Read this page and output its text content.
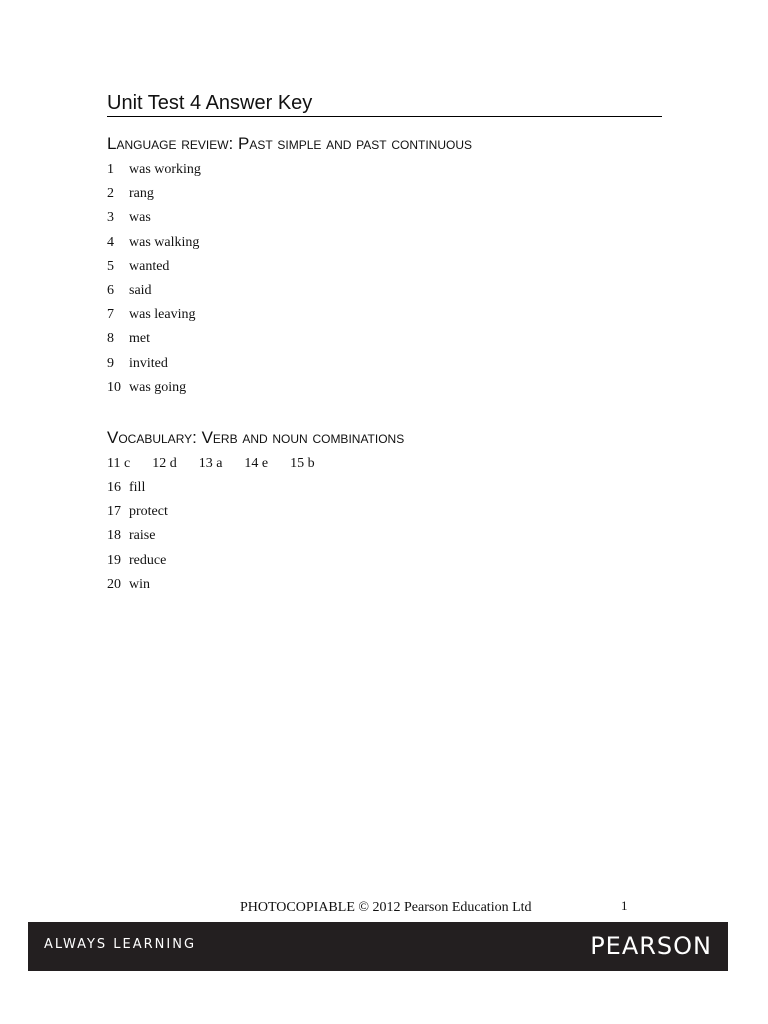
Unit Test 4 Answer Key
Language review: Past simple and past continuous
1 was working
2 rang
3 was
4 was walking
5 wanted
6 said
7 was leaving
8 met
9 invited
10 was going
Vocabulary: Verb and noun combinations
11 c 12 d 13 a 14 e 15 b
16 fill
17 protect
18 raise
19 reduce
20 win
PHOTOCOPIABLE © 2012 Pearson Education Ltd	1
ALWAYS LEARNING	PEARSON
